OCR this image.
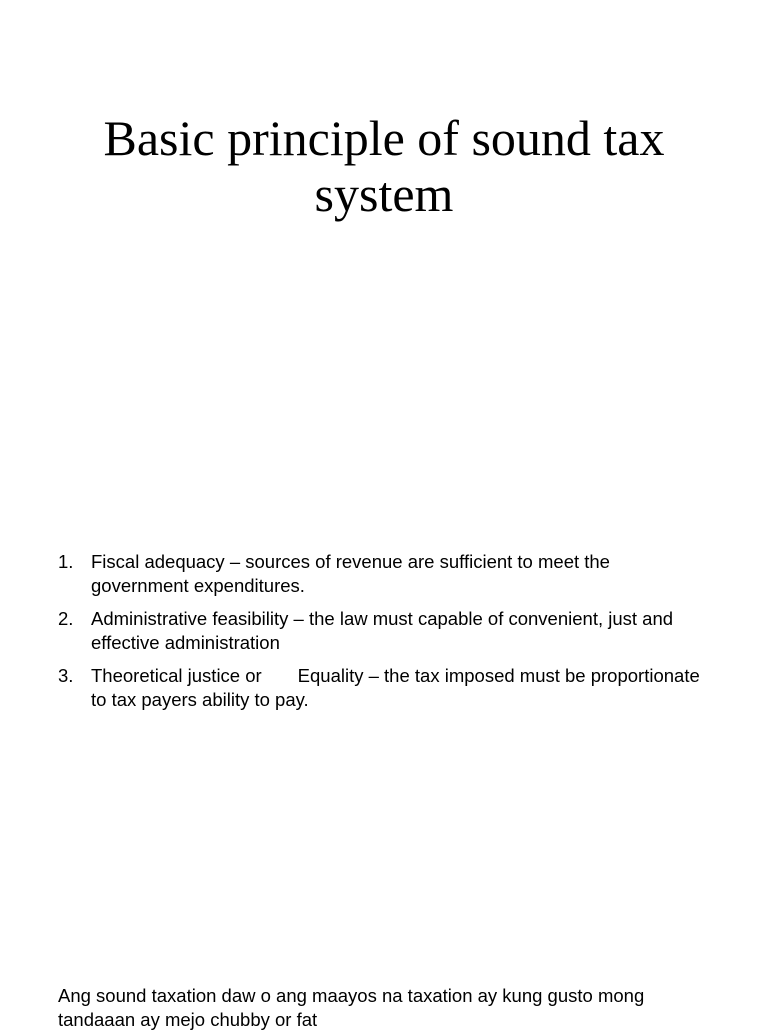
Basic principle of sound tax system
1. Fiscal adequacy – sources of revenue are sufficient to meet the government expenditures.
2. Administrative feasibility – the law must capable of convenient, just and effective administration
3. Theoretical justice or       Equality – the tax imposed must be proportionate to tax payers ability to pay.

Ang sound taxation daw o ang maayos na taxation ay kung gusto mong tandaaan ay mejo chubby or fat
